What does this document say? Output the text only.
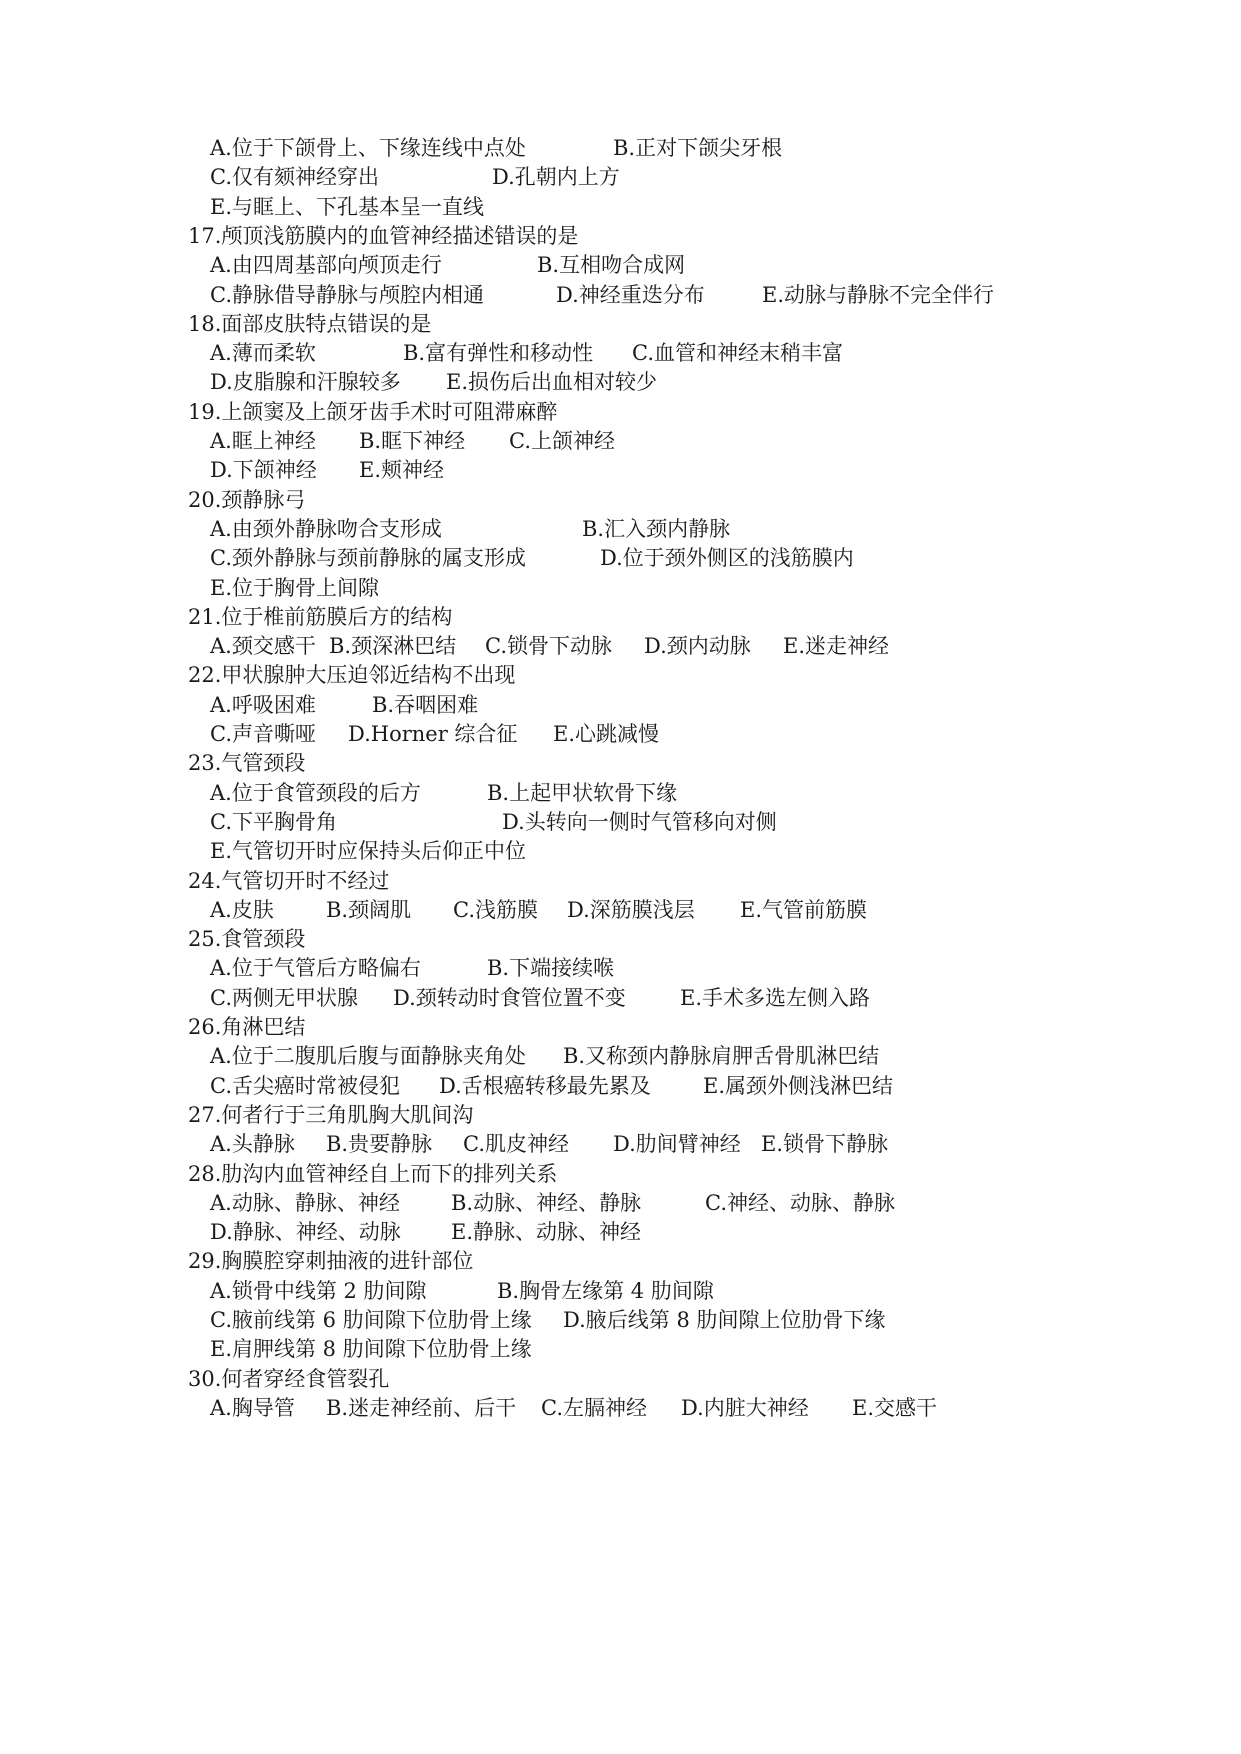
A.位于下颌骨上、下缘连线中点处	B.正对下颌尖牙根
C.仅有颏神经穿出	D.孔朝内上方
E.与眶上、下孔基本呈一直线
17.颅顶浅筋膜内的血管神经描述错误的是
A.由四周基部向颅顶走行	B.互相吻合成网
C.静脉借导静脉与颅腔内相通	D.神经重迭分布	E.动脉与静脉不完全伴行
18.面部皮肤特点错误的是
A.薄而柔软	B.富有弹性和移动性 C.血管和神经末稍丰富
D.皮脂腺和汗腺较多 E.损伤后出血相对较少
19.上颌窦及上颌牙齿手术时可阻滞麻醉
A.眶上神经 B.眶下神经 C.上颌神经
D.下颌神经 E.颊神经
20.颈静脉弓
A.由颈外静脉吻合支形成	B.汇入颈内静脉
C.颈外静脉与颈前静脉的属支形成	D.位于颈外侧区的浅筋膜内
E.位于胸骨上间隙
21.位于椎前筋膜后方的结构
A.颈交感干 B.颈深淋巴结 C.锁骨下动脉 D.颈内动脉 E.迷走神经
22.甲状腺肿大压迫邻近结构不出现
A.呼吸困难	B.吞咽困难
C.声音嘶哑 D.Horner 综合征 E.心跳减慢
23.气管颈段
A.位于食管颈段的后方	B.上起甲状软骨下缘
C.下平胸骨角	D.头转向一侧时气管移向对侧
E.气管切开时应保持头后仰正中位
24.气管切开时不经过
A.皮肤 B.颈阔肌 C.浅筋膜 D.深筋膜浅层 E.气管前筋膜
25.食管颈段
A.位于气管后方略偏右	B.下端接续喉
C.两侧无甲状腺 D.颈转动时食管位置不变	E.手术多选左侧入路
26.角淋巴结
A.位于二腹肌后腹与面静脉夹角处 B.又称颈内静脉肩胛舌骨肌淋巴结
C.舌尖癌时常被侵犯 D.舌根癌转移最先累及 E.属颈外侧浅淋巴结
27.何者行于三角肌胸大肌间沟
A.头静脉 B.贵要静脉 C.肌皮神经 D.肋间臂神经 E.锁骨下静脉
28.肋沟内血管神经自上而下的排列关系
A.动脉、静脉、神经 B.动脉、神经、静脉	C.神经、动脉、静脉
D.静脉、神经、动脉 E.静脉、动脉、神经
29.胸膜腔穿刺抽液的进针部位
A.锁骨中线第 2 肋间隙	B.胸骨左缘第 4 肋间隙
C.腋前线第 6 肋间隙下位肋骨上缘 D.腋后线第 8 肋间隙上位肋骨下缘
E.肩胛线第 8 肋间隙下位肋骨上缘
30.何者穿经食管裂孔
A.胸导管 B.迷走神经前、后干 C.左膈神经 D.内脏大神经 E.交感干
